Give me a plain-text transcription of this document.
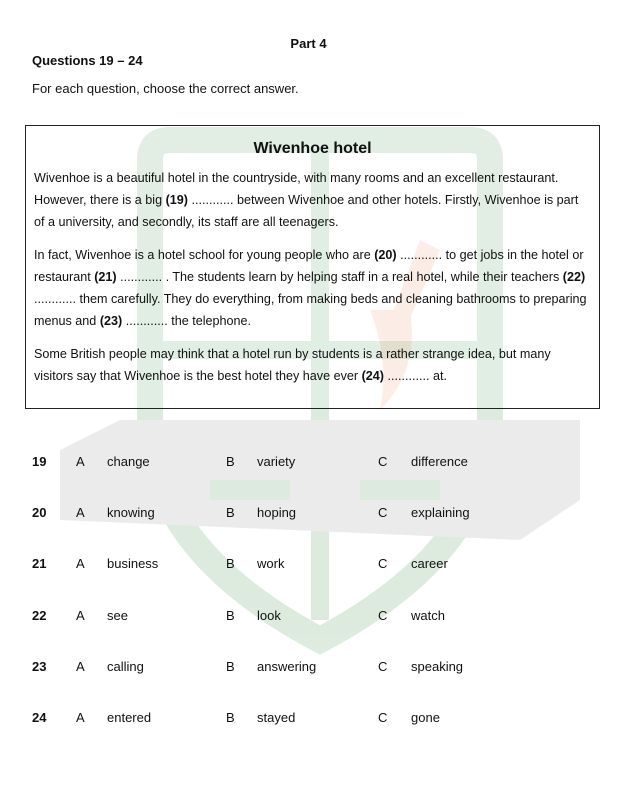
Part 4
Questions 19 – 24
For each question, choose the correct answer.
Wivenhoe hotel

Wivenhoe is a beautiful hotel in the countryside, with many rooms and an excellent restaurant. However, there is a big (19) ............ between Wivenhoe and other hotels. Firstly, Wivenhoe is part of a university, and secondly, its staff are all teenagers.

In fact, Wivenhoe is a hotel school for young people who are (20) ............ to get jobs in the hotel or restaurant (21) ............ . The students learn by helping staff in a real hotel, while their teachers (22) ............ them carefully. They do everything, from making beds and cleaning bathrooms to preparing menus and (23) ............ the telephone.

Some British people may think that a hotel run by students is a rather strange idea, but many visitors say that Wivenhoe is the best hotel they have ever (24) ............ at.

19 A change	B variety	C difference
20 A knowing	B hoping	C explaining
21 A business	B work	C career
22 A see	B look	C watch
23 A calling	B answering	C speaking
24 A entered	B stayed	C gone
